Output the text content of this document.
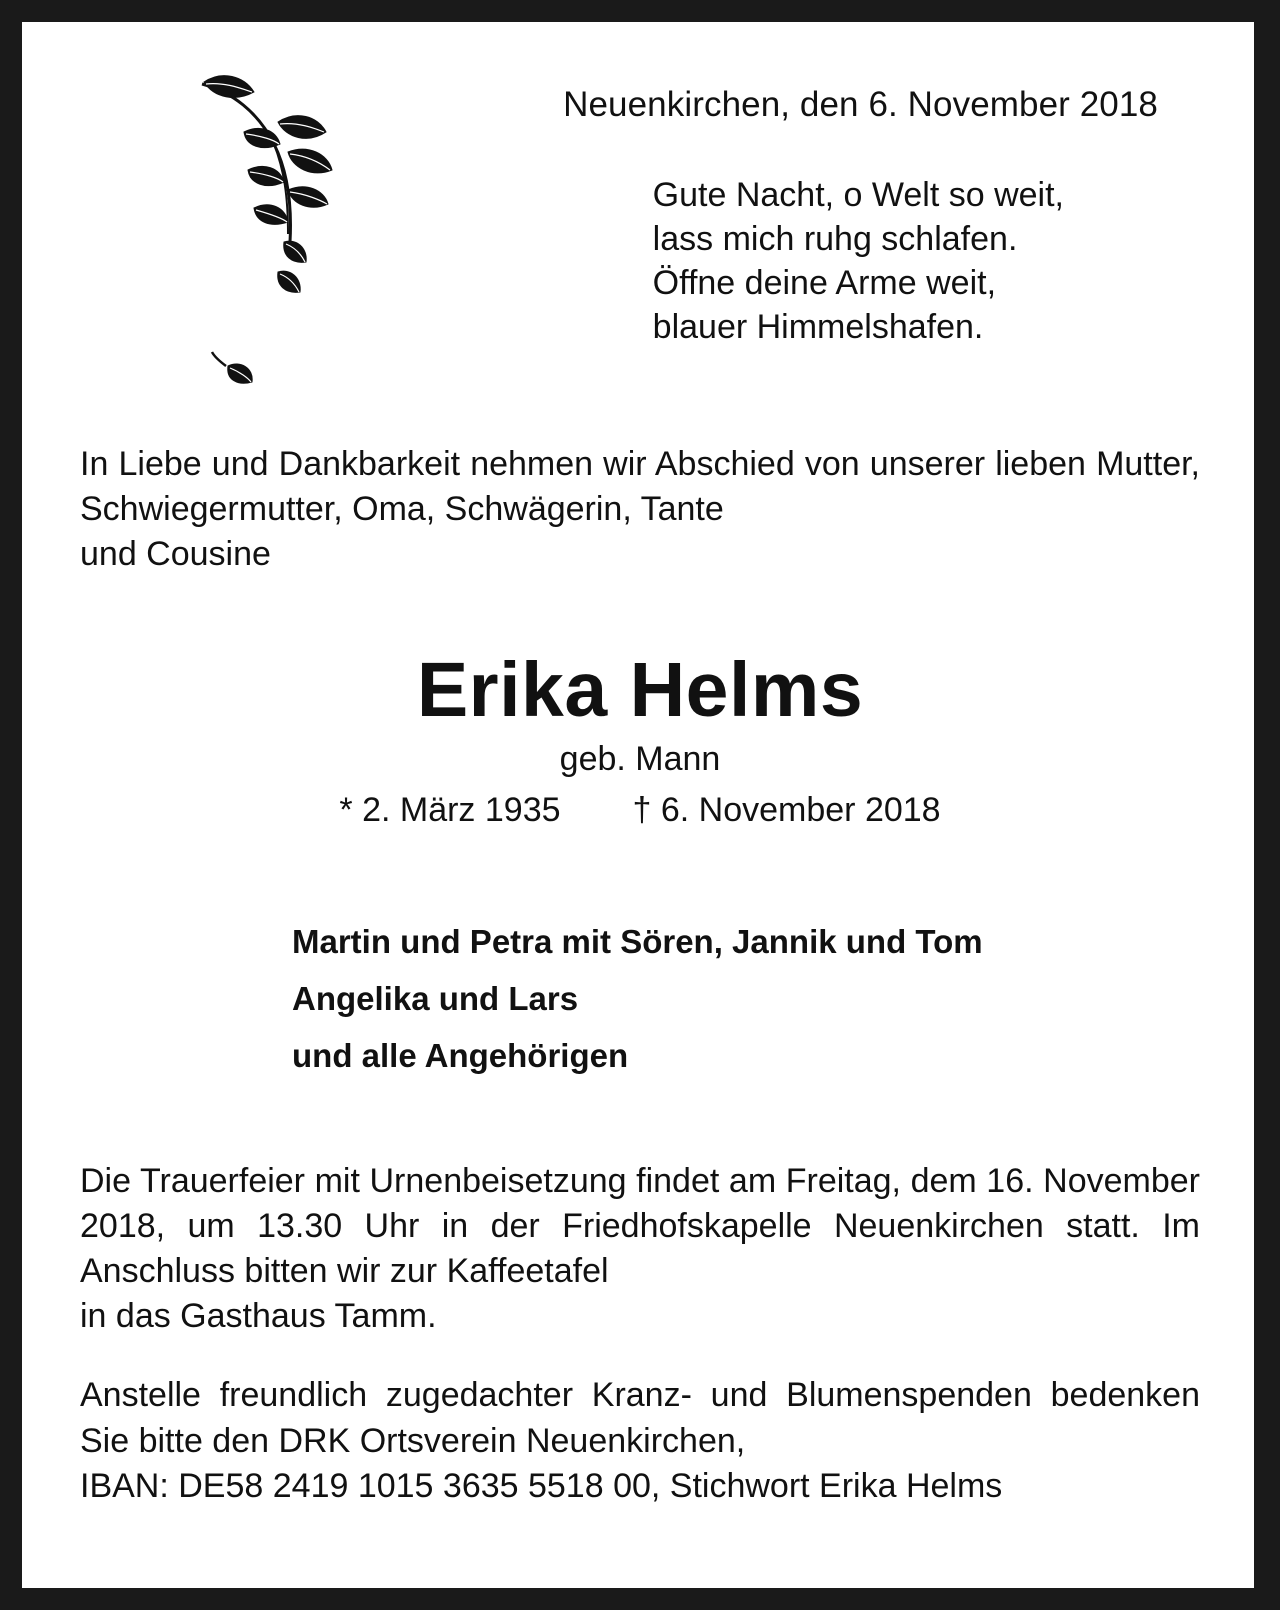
Neuenkirchen, den 6. November 2018
Gute Nacht, o Welt so weit,
lass mich ruhg schlafen.
Öffne deine Arme weit,
blauer Himmelshafen.
In Liebe und Dankbarkeit nehmen wir Abschied von unserer lieben Mutter, Schwiegermutter, Oma, Schwägerin, Tante
und Cousine
Erika Helms
geb. Mann
* 2. März 1935 † 6. November 2018
Martin und Petra mit Sören, Jannik und Tom
Angelika und Lars
und alle Angehörigen
Die Trauerfeier mit Urnenbeisetzung findet am Freitag, dem 16. November 2018, um 13.30 Uhr in der Friedhofskapelle Neuenkirchen statt. Im Anschluss bitten wir zur Kaffeetafel
in das Gasthaus Tamm.
Anstelle freundlich zugedachter Kranz- und Blumenspenden bedenken Sie bitte den DRK Ortsverein Neuenkirchen,
IBAN: DE58 2419 1015 3635 5518 00, Stichwort Erika Helms
